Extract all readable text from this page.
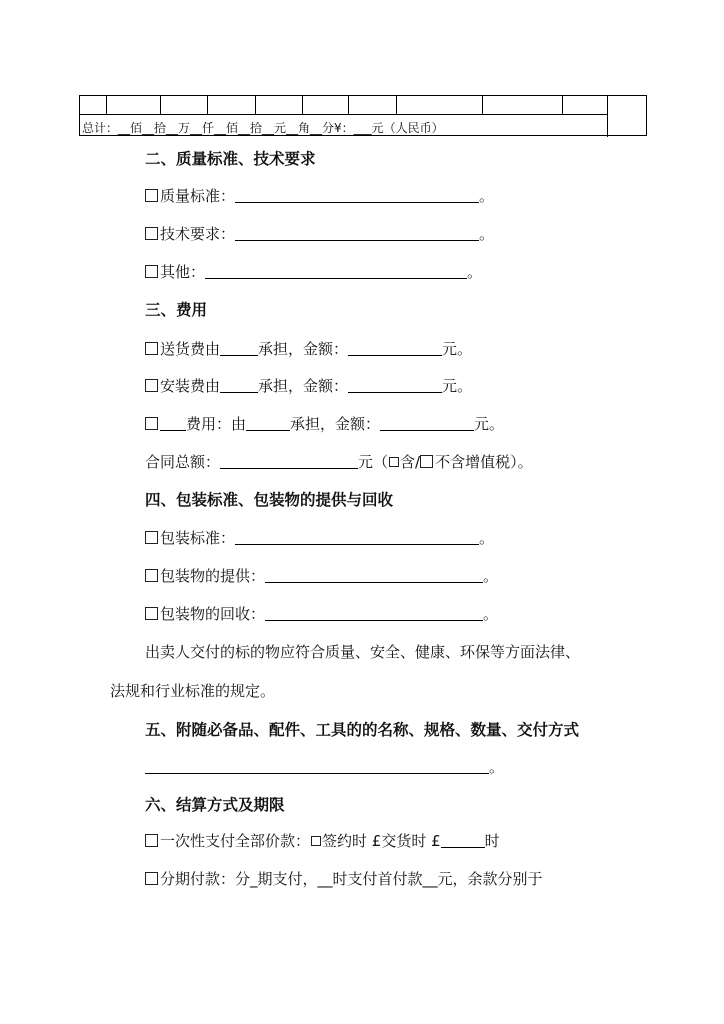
总计：__佰__拾__万__仟__佰__拾__元__角__分¥：___元（人民币）
二、质量标准、技术要求
质量标准：	。
技术要求：	。
其他：	。
三、费用
送货费由	承担，金额：	元。
安装费由	承担，金额：	元。
费用：由	承担，金额：	元。
合同总额：	元（ 含/ 不含增值税）。
四、包装标准、包装物的提供与回收
包装标准：	。
包装物的提供：	。
包装物的回收：	。
出卖人交付的标的物应符合质量、安全、健康、环保等方面法律、
法规和行业标准的规定。
五、附随必备品、配件、工具的的名称、规格、数量、交付方式
。
六、结算方式及期限
一次性支付全部价款： 签约时 £交货时 £	时
分期付款：分_期支付，__时支付首付款__元，余款分别于
